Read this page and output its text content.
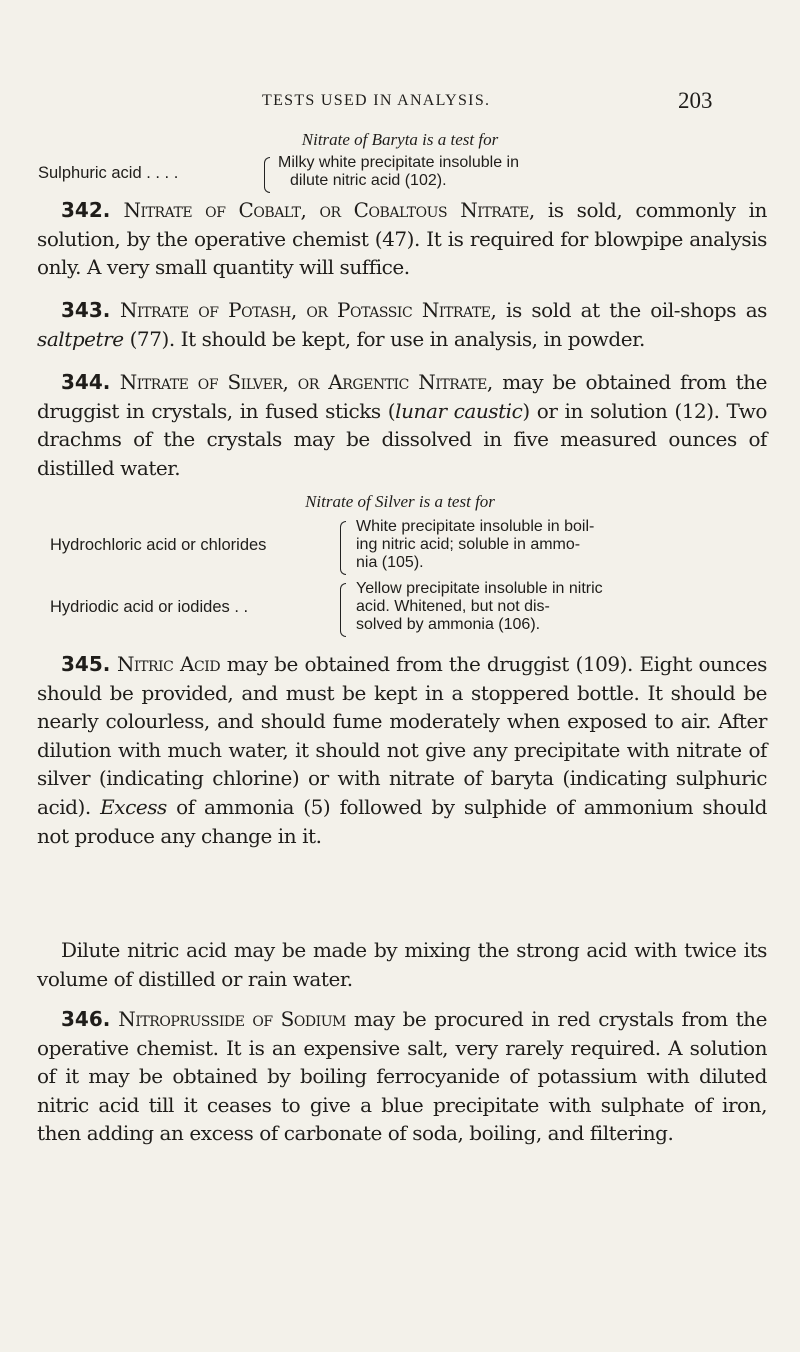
TESTS USED IN ANALYSIS.	203
Nitrate of Baryta is a test for
Sulphuric acid . . . .
Milky white precipitate insoluble in
dilute nitric acid (102).

342. Nitrate of Cobalt, or Cobaltous Nitrate, is sold, commonly in solution, by the operative chemist (47). It is required for blowpipe analysis only. A very small quantity will suffice.

343. Nitrate of Potash, or Potassic Nitrate, is sold at the oil-shops as saltpetre (77). It should be kept, for use in analysis, in powder.

344. Nitrate of Silver, or Argentic Nitrate, may be obtained from the druggist in crystals, in fused sticks (lunar caustic) or in solution (12). Two drachms of the crystals may be dissolved in five measured ounces of distilled water.

Nitrate of Silver is a test for
Hydrochloric acid or chlorides
White precipitate insoluble in boil-
ing nitric acid; soluble in ammo-
nia (105).
Hydriodic acid or iodides . .
Yellow precipitate insoluble in nitric
acid. Whitened, but not dis-
solved by ammonia (106).

345. Nitric Acid may be obtained from the druggist (109). Eight ounces should be provided, and must be kept in a stoppered bottle. It should be nearly colourless, and should fume moderately when exposed to air. After dilution with much water, it should not give any precipitate with nitrate of silver (indicating chlorine) or with nitrate of baryta (indicating sulphuric acid). Excess of ammonia (5) followed by sulphide of ammonium should not produce any change in it.

Dilute nitric acid may be made by mixing the strong acid with twice its volume of distilled or rain water.

346. Nitroprusside of Sodium may be procured in red crystals from the operative chemist. It is an expensive salt, very rarely required. A solution of it may be obtained by boiling ferrocyanide of potassium with diluted nitric acid till it ceases to give a blue precipitate with sulphate of iron, then adding an excess of carbonate of soda, boiling, and filtering.
